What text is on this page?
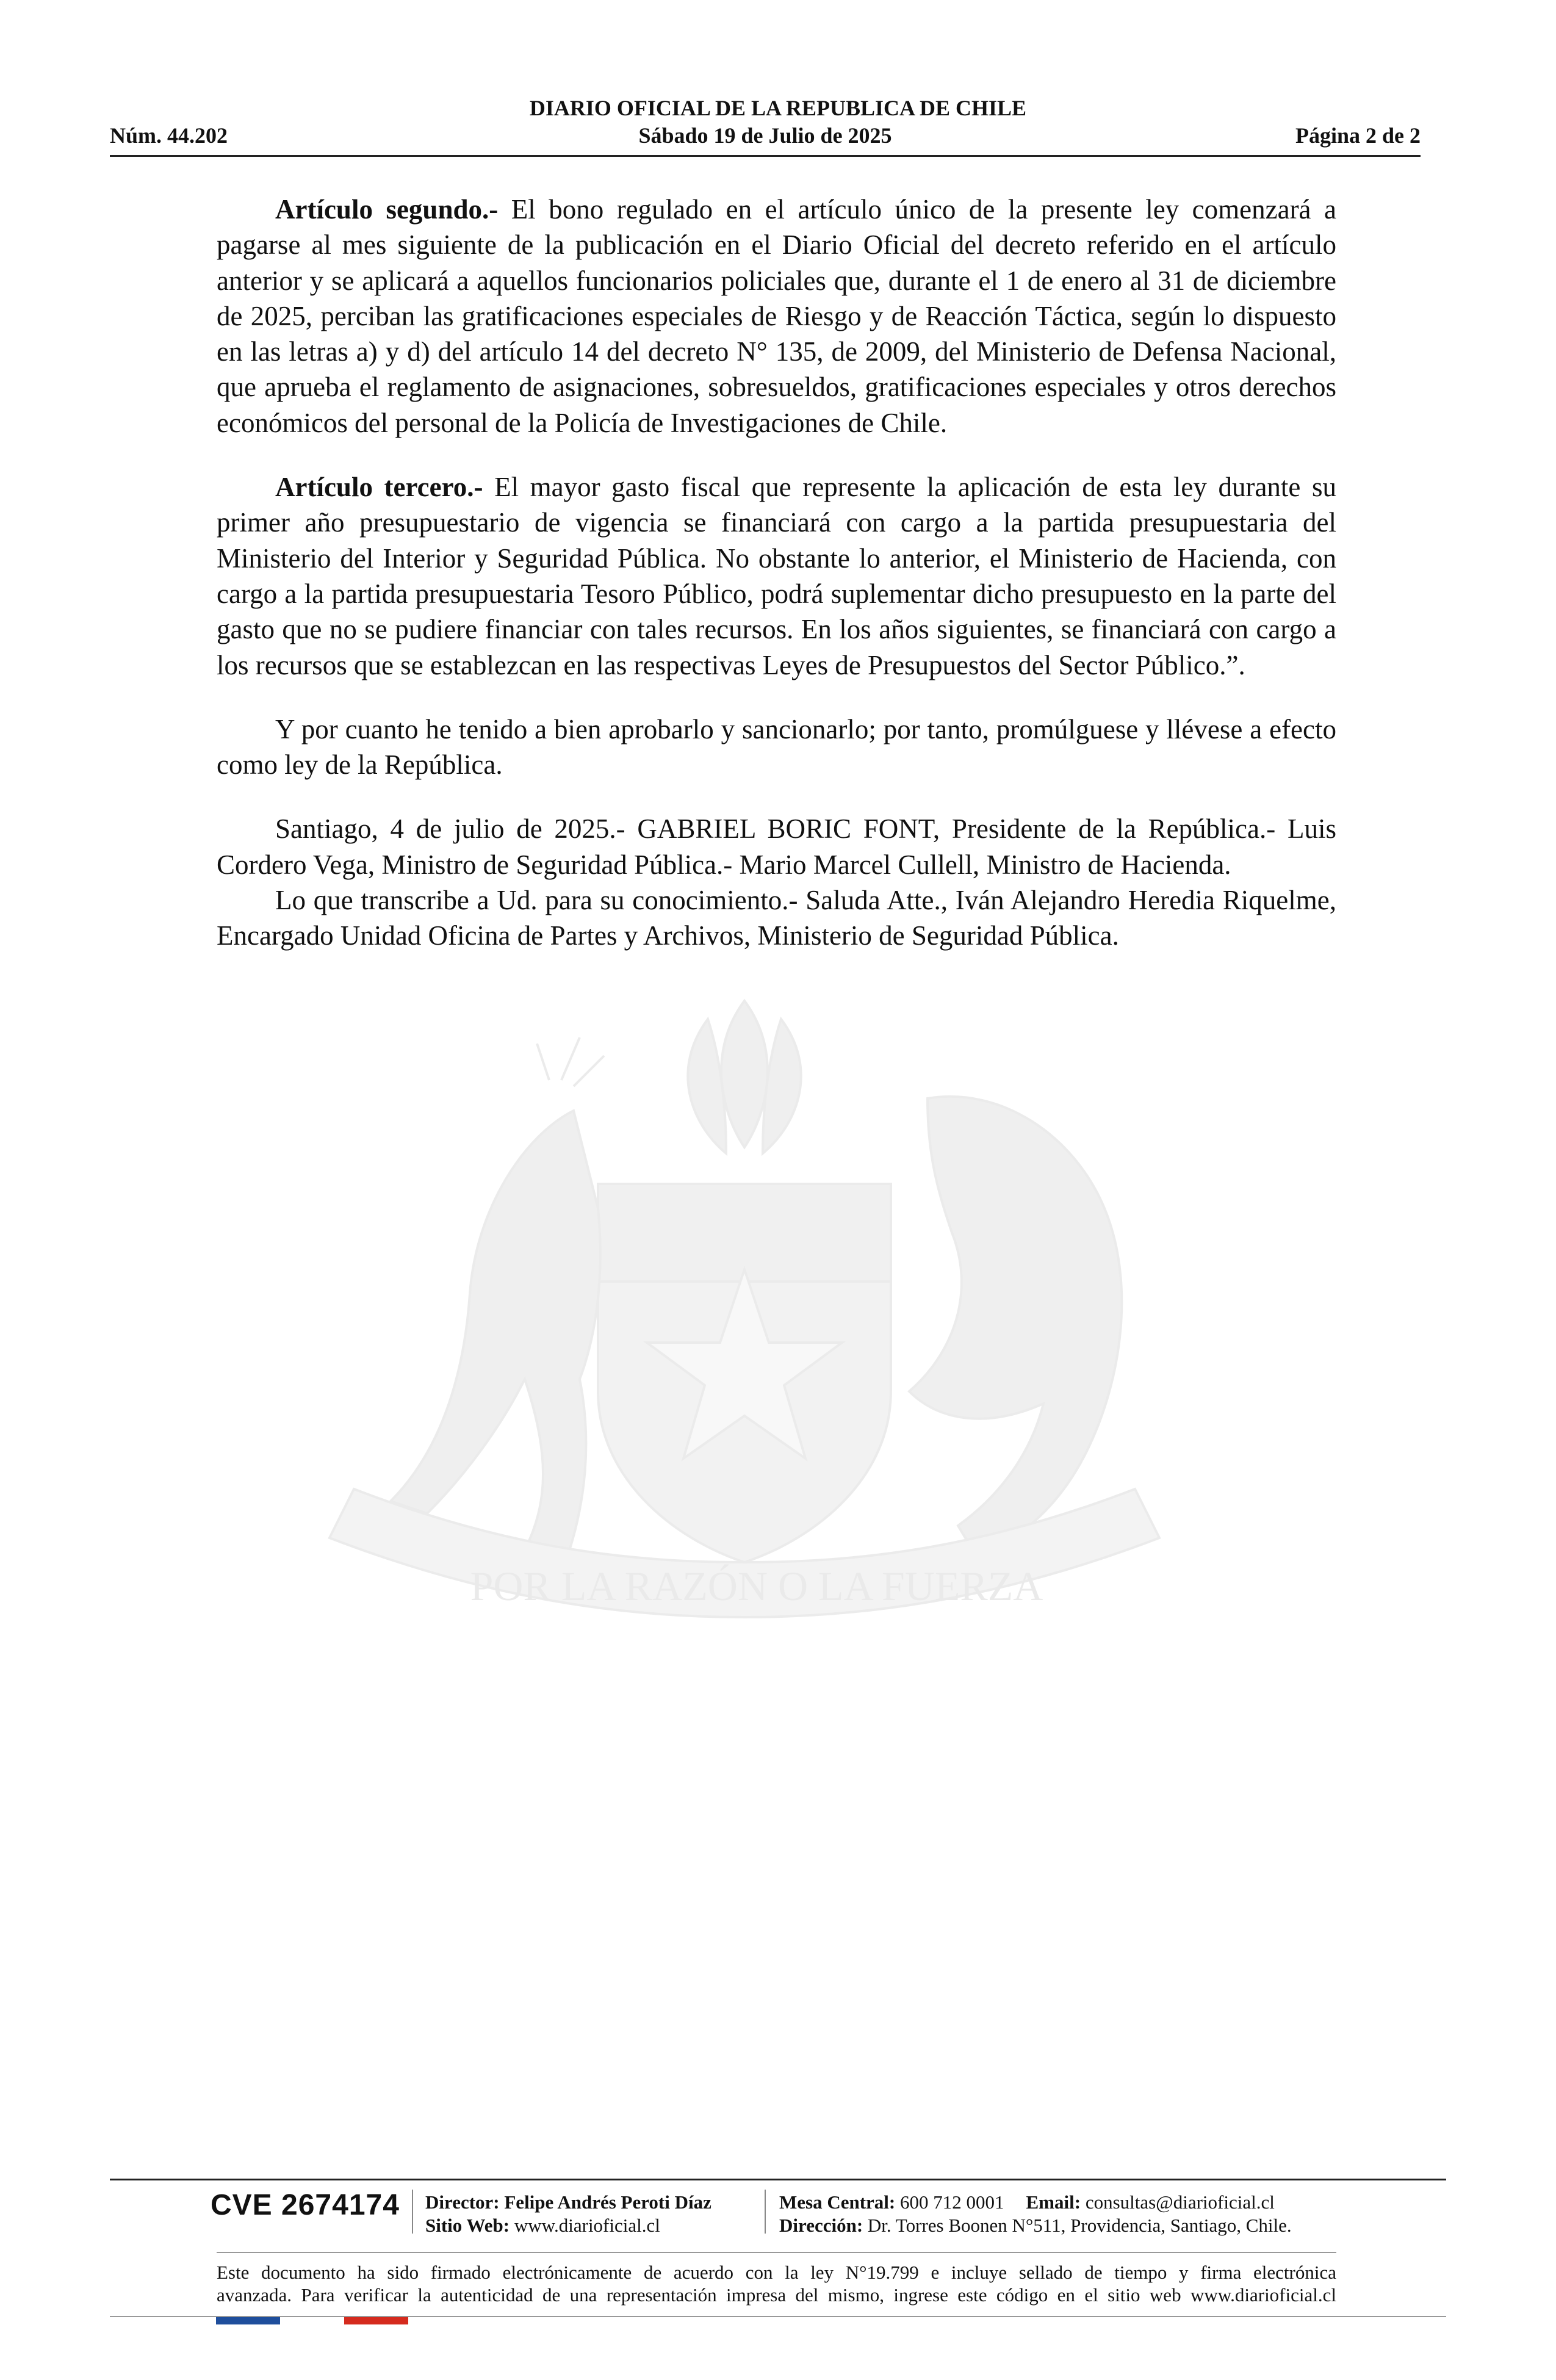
DIARIO OFICIAL DE LA REPUBLICA DE CHILE
Núm. 44.202	Sábado 19 de Julio de 2025	Página 2 de 2
POR LA RAZÓN O LA FUERZA

Artículo segundo.- El bono regulado en el artículo único de la presente ley comenzará a pagarse al mes siguiente de la publicación en el Diario Oficial del decreto referido en el artículo anterior y se aplicará a aquellos funcionarios policiales que, durante el 1 de enero al 31 de diciembre de 2025, perciban las gratificaciones especiales de Riesgo y de Reacción Táctica, según lo dispuesto en las letras a) y d) del artículo 14 del decreto N° 135, de 2009, del Ministerio de Defensa Nacional, que aprueba el reglamento de asignaciones, sobresueldos, gratificaciones especiales y otros derechos económicos del personal de la Policía de Investigaciones de Chile.

Artículo tercero.- El mayor gasto fiscal que represente la aplicación de esta ley durante su primer año presupuestario de vigencia se financiará con cargo a la partida presupuestaria del Ministerio del Interior y Seguridad Pública. No obstante lo anterior, el Ministerio de Hacienda, con cargo a la partida presupuestaria Tesoro Público, podrá suplementar dicho presupuesto en la parte del gasto que no se pudiere financiar con tales recursos. En los años siguientes, se financiará con cargo a los recursos que se establezcan en las respectivas Leyes de Presupuestos del Sector Público.”.

Y por cuanto he tenido a bien aprobarlo y sancionarlo; por tanto, promúlguese y llévese a efecto como ley de la República.

Santiago, 4 de julio de 2025.- GABRIEL BORIC FONT, Presidente de la República.- Luis Cordero Vega, Ministro de Seguridad Pública.- Mario Marcel Cullell, Ministro de Hacienda.

Lo que transcribe a Ud. para su conocimiento.- Saluda Atte., Iván Alejandro Heredia Riquelme, Encargado Unidad Oficina de Partes y Archivos, Ministerio de Seguridad Pública.

CVE 2674174 Director: Felipe Andrés Peroti Díaz
Sitio Web: www.diarioficial.cl
Mesa Central: 600 712 0001 Email: consultas@diarioficial.cl
Dirección: Dr. Torres Boonen N°511, Providencia, Santiago, Chile.
Este documento ha sido firmado electrónicamente de acuerdo con la ley N°19.799 e incluye sellado de tiempo y firma electrónica
avanzada. Para verificar la autenticidad de una representación impresa del mismo, ingrese este código en el sitio web www.diarioficial.cl
